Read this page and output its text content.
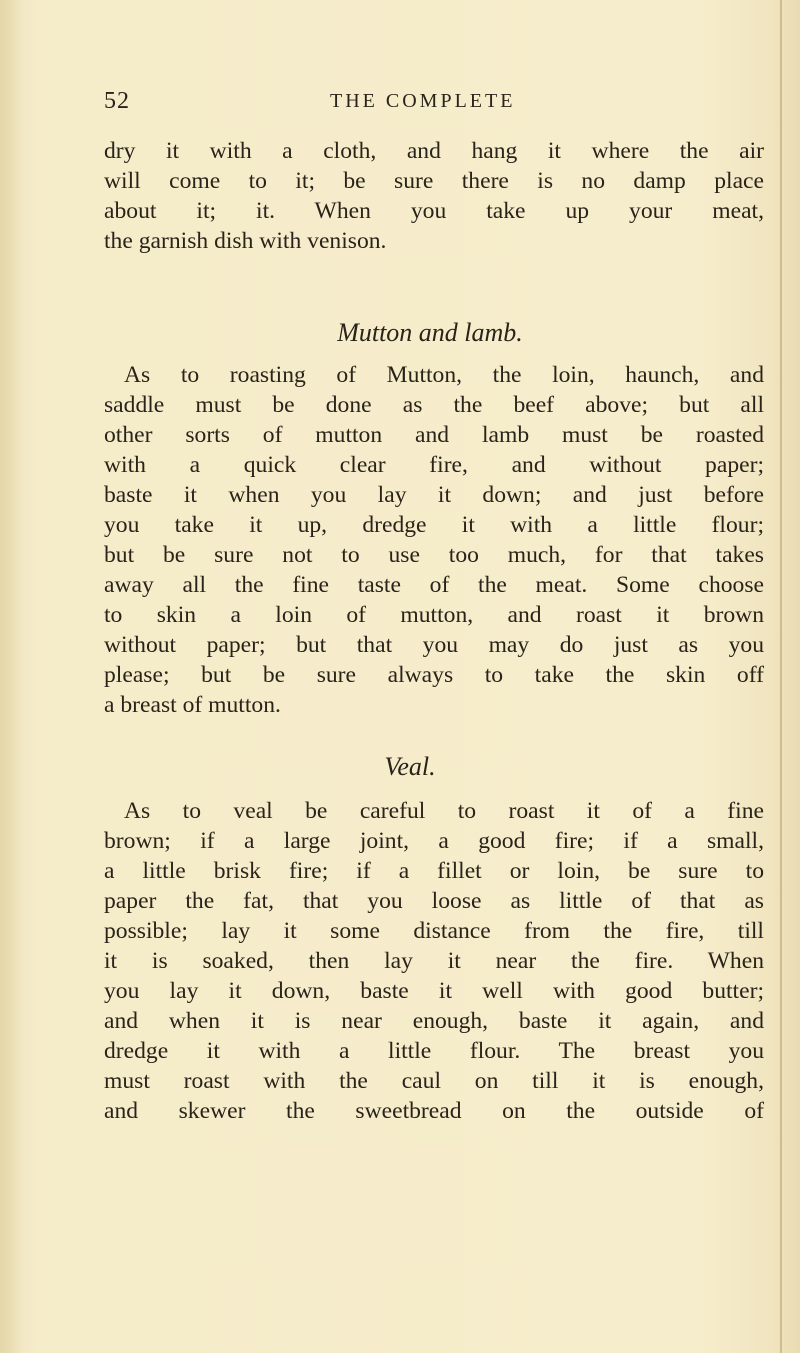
52	THE COMPLETE
dry it with a cloth, and hang it where the air
will come to it; be sure there is no damp place
about it; it. When you take up your meat,
the garnish dish with venison.
Mutton and lamb.
As to roasting of Mutton, the loin, haunch, and
saddle must be done as the beef above; but all
other sorts of mutton and lamb must be roasted
with a quick clear fire, and without paper;
baste it when you lay it down; and just before
you take it up, dredge it with a little flour;
but be sure not to use too much, for that takes
away all the fine taste of the meat. Some choose
to skin a loin of mutton, and roast it brown
without paper; but that you may do just as you
please; but be sure always to take the skin off
a breast of mutton.
Veal.
As to veal be careful to roast it of a fine
brown; if a large joint, a good fire; if a small,
a little brisk fire; if a fillet or loin, be sure to
paper the fat, that you loose as little of that as
possible; lay it some distance from the fire, till
it is soaked, then lay it near the fire. When
you lay it down, baste it well with good butter;
and when it is near enough, baste it again, and
dredge it with a little flour. The breast you
must roast with the caul on till it is enough,
and skewer the sweetbread on the outside of
